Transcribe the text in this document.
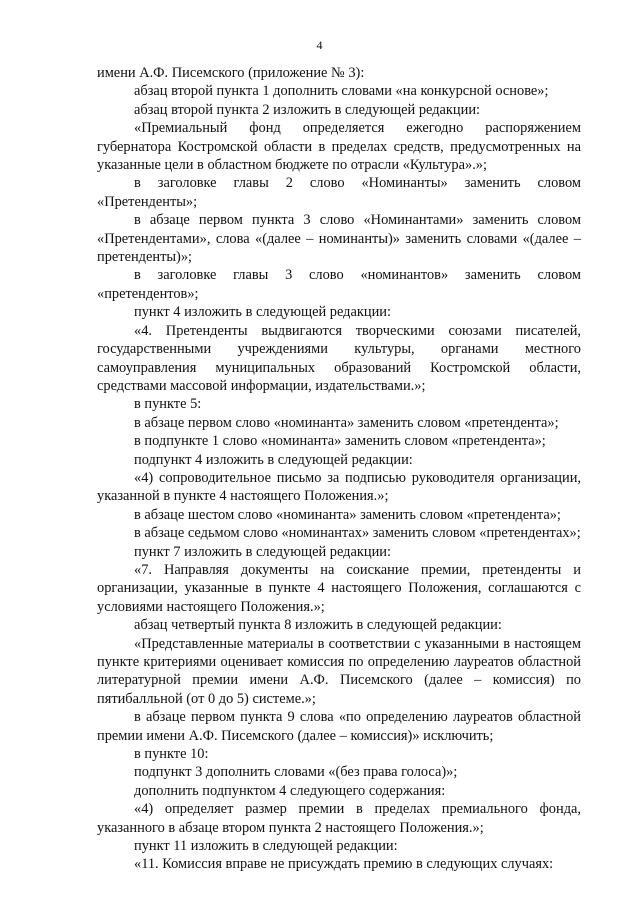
4

имени А.Ф. Писемского (приложение № 3):

абзац второй пункта 1 дополнить словами «на конкурсной основе»;

абзац второй пункта 2 изложить в следующей редакции:

«Премиальный фонд определяется ежегодно распоряжением губернатора Костромской области в пределах средств, предусмотренных на указанные цели в областном бюджете по отрасли «Культура».»;

в заголовке главы 2 слово «Номинанты» заменить словом «Претенденты»;

в абзаце первом пункта 3 слово «Номинантами» заменить словом «Претендентами», слова «(далее – номинанты)» заменить словами «(далее – претенденты)»;

в заголовке главы 3 слово «номинантов» заменить словом «претендентов»;

пункт 4 изложить в следующей редакции:

«4. Претенденты выдвигаются творческими союзами писателей, государственными учреждениями культуры, органами местного самоуправления муниципальных образований Костромской области, средствами массовой информации, издательствами.»;

в пункте 5:

в абзаце первом слово «номинанта» заменить словом «претендента»;

в подпункте 1 слово «номинанта» заменить словом «претендента»;

подпункт 4 изложить в следующей редакции:

«4) сопроводительное письмо за подписью руководителя организации, указанной в пункте 4 настоящего Положения.»;

в абзаце шестом слово «номинанта» заменить словом «претендента»;

в абзаце седьмом слово «номинантах» заменить словом «претендентах»;

пункт 7 изложить в следующей редакции:

«7. Направляя документы на соискание премии, претенденты и организации, указанные в пункте 4 настоящего Положения, соглашаются с условиями настоящего Положения.»;

абзац четвертый пункта 8 изложить в следующей редакции:

«Представленные материалы в соответствии с указанными в настоящем пункте критериями оценивает комиссия по определению лауреатов областной литературной премии имени А.Ф. Писемского (далее – комиссия) по пятибалльной (от 0 до 5) системе.»;

в абзаце первом пункта 9 слова «по определению лауреатов областной премии имени А.Ф. Писемского (далее – комиссия)» исключить;

в пункте 10:

подпункт 3 дополнить словами «(без права голоса)»;

дополнить подпунктом 4 следующего содержания:

«4) определяет размер премии в пределах премиального фонда, указанного в абзаце втором пункта 2 настоящего Положения.»;

пункт 11 изложить в следующей редакции:

«11. Комиссия вправе не присуждать премию в следующих случаях:
